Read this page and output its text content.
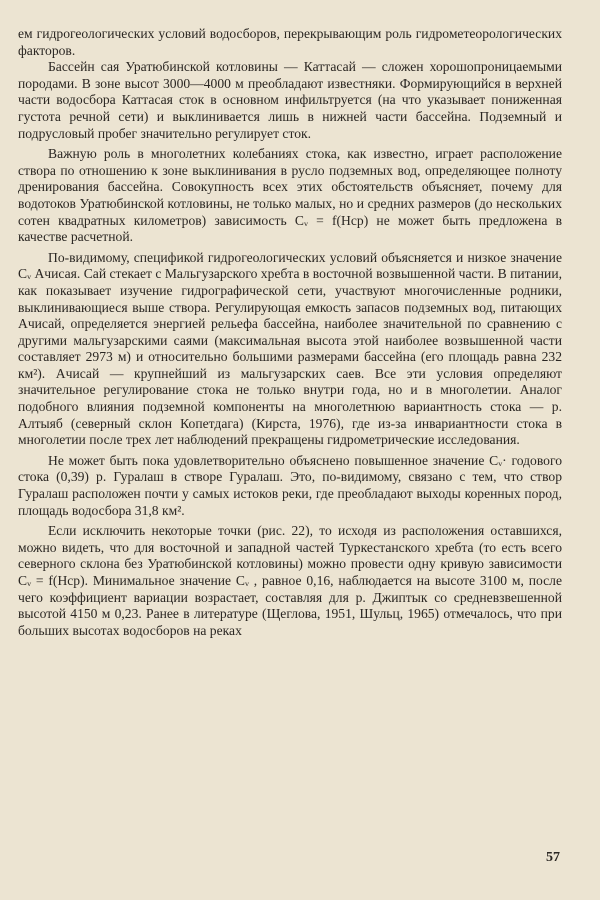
ем гидрогеологических условий водосборов, перекрывающим роль гидрометеорологических факторов.

Бассейн сая Уратюбинской котловины — Каттасай — сложен хорошопроницаемыми породами. В зоне высот 3000—4000 м преобладают известняки. Формирующийся в верхней части водосбора Каттасая сток в основном инфильтруется (на что указывает пониженная густота речной сети) и выклинивается лишь в нижней части бассейна. Подземный и подрусловый пробег значительно регулирует сток.

Важную роль в многолетних колебаниях стока, как известно, играет расположение створа по отношению к зоне выклинивания в русло подземных вод, определяющее полноту дренирования бассейна. Совокупность всех этих обстоятельств объясняет, почему для водотоков Уратюбинской котловины, не только малых, но и средних размеров (до нескольких сотен квадратных километров) зависимость Cᵥ = f(Hср) не может быть предложена в качестве расчетной.

По-видимому, спецификой гидрогеологических условий объясняется и низкое значение Cᵥ Ачисая. Сай стекает с Мальгузарского хребта в восточной возвышенной части. В питании, как показывает изучение гидрографической сети, участвуют многочисленные родники, выклинивающиеся выше створа. Регулирующая емкость запасов подземных вод, питающих Ачисай, определяется энергией рельефа бассейна, наиболее значительной по сравнению с другими мальгузарскими саями (максимальная высота этой наиболее возвышенной части составляет 2973 м) и относительно большими размерами бассейна (его площадь равна 232 км²). Ачисай — крупнейший из мальгузарских саев. Все эти условия определяют значительное регулирование стока не только внутри года, но и в многолетии. Аналог подобного влияния подземной компоненты на многолетнюю вариантность стока — р. Алтыяб (северный склон Копетдага) (Кирста, 1976), где из-за инвариантности стока в многолетии после трех лет наблюдений прекращены гидрометрические исследования.

Не может быть пока удовлетворительно объяснено повышенное значение Cᵥ· годового стока (0,39) р. Гуралаш в створе Гуралаш. Это, по-видимому, связано с тем, что створ Гуралаш расположен почти у самых истоков реки, где преобладают выходы коренных пород, площадь водосбора 31,8 км².

Если исключить некоторые точки (рис. 22), то исходя из расположения оставшихся, можно видеть, что для восточной и западной частей Туркестанского хребта (то есть всего северного склона без Уратюбинской котловины) можно провести одну кривую зависимости Cᵥ = f(Hср). Минимальное значение Cᵥ , равное 0,16, наблюдается на высоте 3100 м, после чего коэффициент вариации возрастает, составляя для р. Джиптык со средневзвешенной высотой 4150 м 0,23. Ранее в литературе (Щеглова, 1951, Шульц, 1965) отмечалось, что при больших высотах водосборов на реках

57
